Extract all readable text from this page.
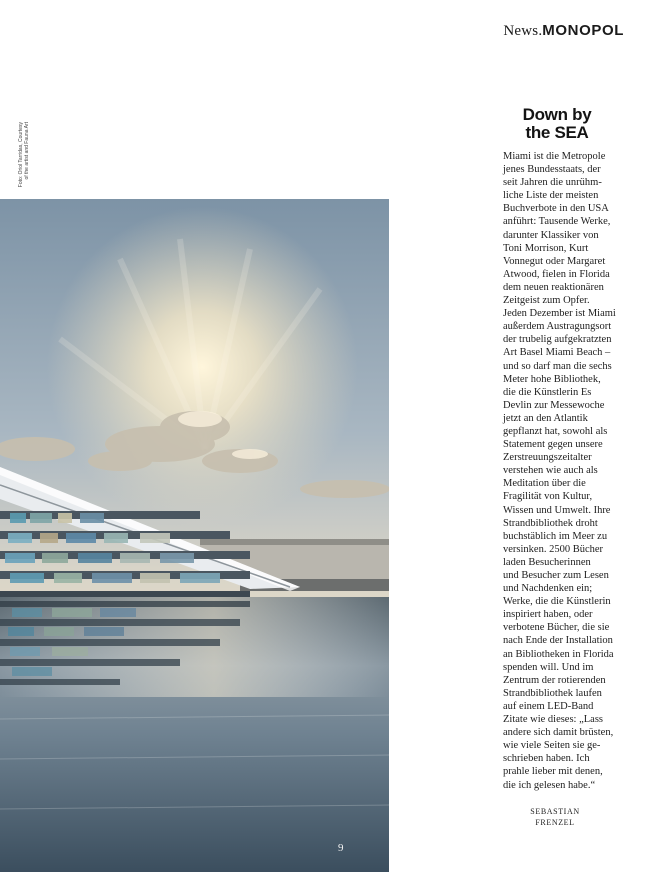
News.MONOPOL
Foto: Oriol Tarridas, Courtesy
of the artist and Fauna Art
9
Down by
the SEA
Miami ist die Metropole
jenes Bundesstaats, der
seit Jahren die unrühm-
liche Liste der meisten
Buchverbote in den USA
anführt: Tausende Werke,
darunter Klassiker von
Toni Morrison, Kurt
Vonnegut oder Margaret
Atwood, fielen in Florida
dem neuen reaktionären
Zeitgeist zum Opfer.
Jeden Dezember ist Miami
außerdem Austragungsort
der trubelig aufgekratzten
Art Basel Miami Beach –
und so darf man die sechs
Meter hohe Bibliothek,
die die Künstlerin Es
Devlin zur Messewoche
jetzt an den Atlantik
gepflanzt hat, sowohl als
Statement gegen unsere
Zerstreuungszeitalter
verstehen wie auch als
Meditation über die
Fragilität von Kultur,
Wissen und Umwelt. Ihre
Strandbibliothek droht
buchstäblich im Meer zu
versinken. 2500 Bücher
laden Besucherinnen
und Besucher zum Lesen
und Nachdenken ein;
Werke, die die Künstlerin
inspiriert haben, oder
verbotene Bücher, die sie
nach Ende der Installation
an Bibliotheken in Florida
spenden will. Und im
Zentrum der rotierenden
Strandbibliothek laufen
auf einem LED-Band
Zitate wie dieses: „Lass
andere sich damit brüsten,
wie viele Seiten sie ge-
schrieben haben. Ich
prahle lieber mit denen,
die ich gelesen habe.“
SEBASTIAN
FRENZEL
